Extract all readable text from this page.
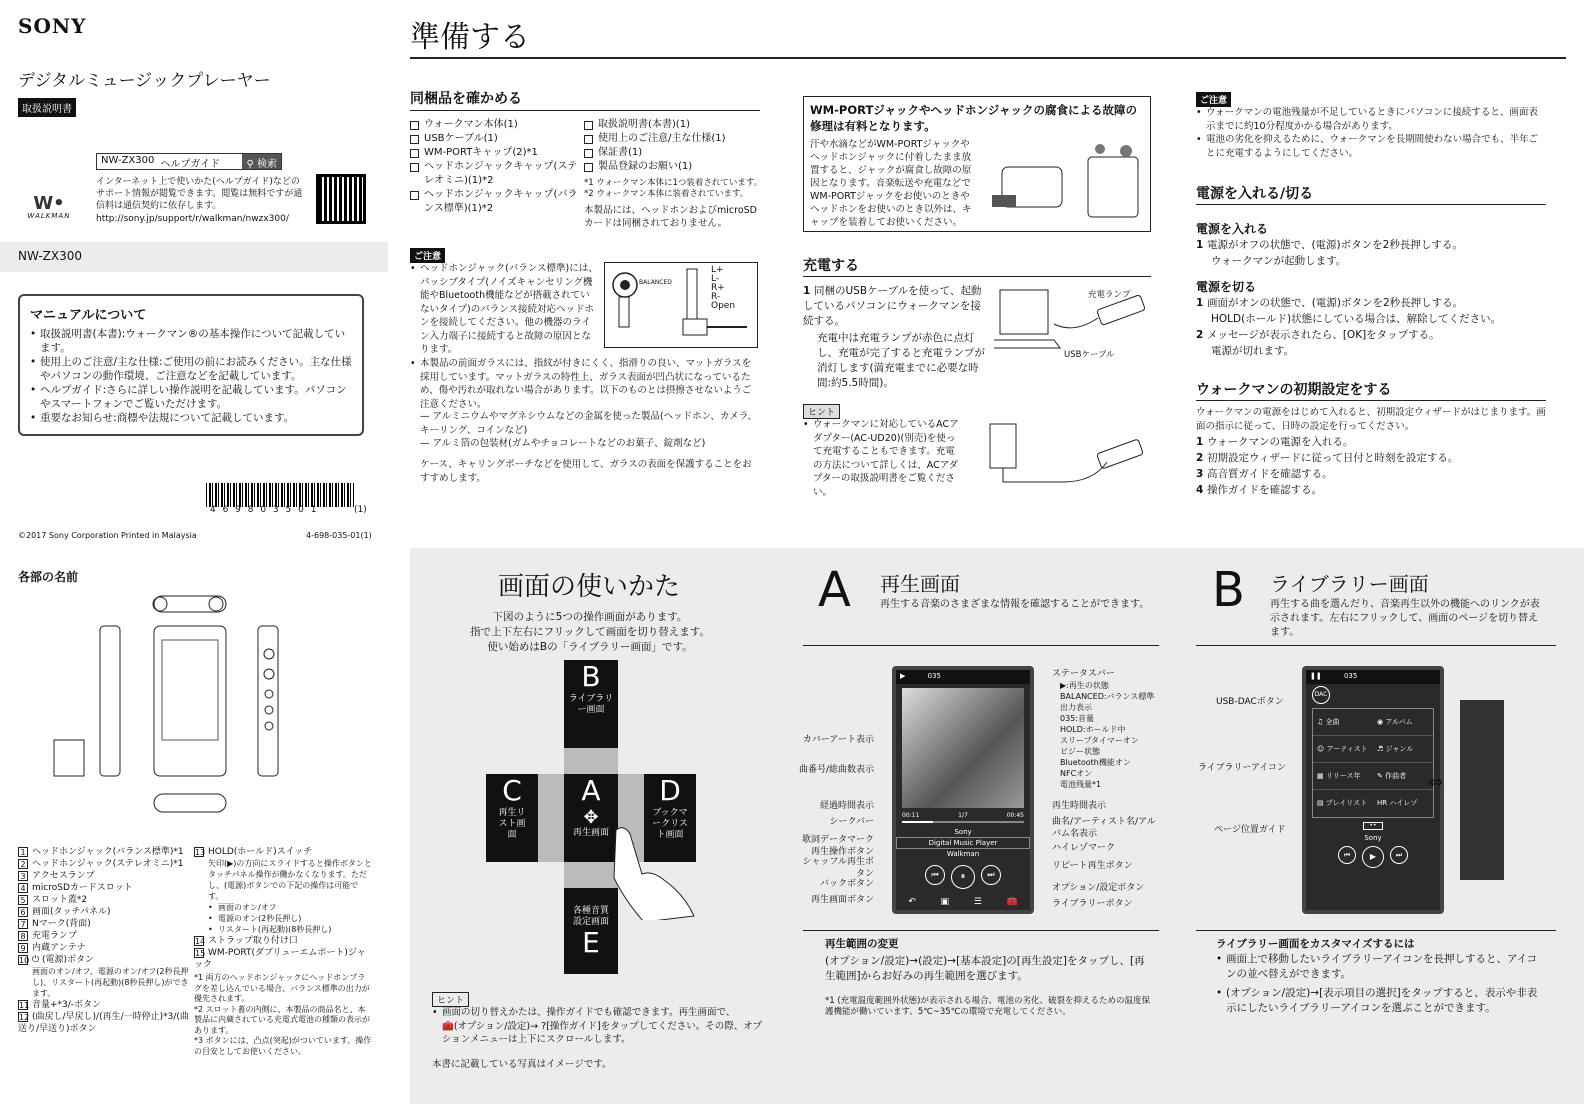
SONY
デジタルミュージックプレーヤー
取扱説明書
NW-ZX300 ヘルプガイド	⚲ 検索
インターネット上で使いかた(ヘルプガイド)などのサポート情報が閲覧できます。閲覧は無料ですが通信料は通信契約に依存します。
http://sony.jp/support/r/walkman/nwzx300/
W•
WALKMAN
NW-ZX300
マニュアルについて
• 取扱説明書(本書):ウォークマン®の基本操作について記載しています。
• 使用上のご注意/主な仕様:ご使用の前にお読みください。主な仕様やパソコンの動作環境、ご注意などを記載しています。
• ヘルプガイド:さらに詳しい操作説明を記載しています。パソコンやスマートフォンでご覧いただけます。
• 重要なお知らせ:商標や法規について記載しています。
4 6 9 8 0 3 5 0 1	(1)
©2017 Sony Corporation Printed in Malaysia	4-698-035-01(1)
各部の名前
1 ヘッドホンジャック(バランス標準)*1
2 ヘッドホンジャック(ステレオミニ)*1
3 アクセスランプ
4 microSDカードスロット
5 スロット蓋*2
6 画面(タッチパネル)
7 Nマーク(背面)
8 充電ランプ
9 内蔵アンテナ
10 ⏻ (電源)ボタン
画面のオン/オフ、電源のオン/オフ(2秒長押し)、リスタート(再起動)(8秒長押し)ができます。
11 音量+*3/-ボタン
12 (曲戻し/早戻し)/(再生/一時停止)*3/(曲送り/早送り)ボタン
13 HOLD(ホールド)スイッチ
矢印(▶)の方向にスライドすると操作ボタンとタッチパネル操作が働かなくなります。ただし、(電源)ボタンでの下記の操作は可能です。
• 画面のオン/オフ
• 電源のオン(2秒長押し)
• リスタート(再起動)(8秒長押し)
14 ストラップ取り付け口
15 WM-PORT(ダブリューエムポート)ジャック
*1 両方のヘッドホンジャックにヘッドホンプラグを差し込んでいる場合、バランス標準の出力が優先されます。
*2 スロット蓋の内側に、本製品の商品名と、本製品に内蔵されている充電式電池の種類の表示があります。
*3 ボタンには、凸点(突起)がついています。操作の目安としてお使いください。
準備する
同梱品を確かめる
ウォークマン本体(1)
USBケーブル(1)
WM-PORTキャップ(2)*1
ヘッドホンジャックキャップ(ステレオミニ)(1)*2
ヘッドホンジャックキャップ(バランス標準)(1)*2
取扱説明書(本書)(1)
使用上のご注意/主な仕様(1)
保証書(1)
製品登録のお願い(1)
*1 ウォークマン本体に1つ装着されています。
*2 ウォークマン本体に装着されています。
本製品には、ヘッドホンおよびmicroSDカードは同梱されておりません。
ご注意
• ヘッドホンジャック(バランス標準)には、パッシブタイプ(ノイズキャンセリング機能やBluetooth機能などが搭載されていないタイプ)のバランス接続対応ヘッドホンを接続してください。他の機器のライン入力端子に接続すると故障の原因となります。
BALANCED
L+
L-
R+
R-
Open
• 本製品の前面ガラスには、指紋が付きにくく、指滑りの良い、マットガラスを採用しています。マットガラスの特性上、ガラス表面が凹凸状になっているため、傷や汚れが取れない場合があります。以下のものとは摂擦させないようご注意ください。
— アルミニウムやマグネシウムなどの金属を使った製品(ヘッドホン、カメラ、キーリング、コインなど)
— アルミ箔の包装材(ガムやチョコレートなどのお菓子、錠剤など)
ケース、キャリングポーチなどを使用して、ガラスの表面を保護することをおすすめします。
WM-PORTジャックやヘッドホンジャックの腐食による故障の修理は有料となります。
汗や水滴などがWM-PORTジャックやヘッドホンジャックに付着したまま放置すると、ジャックが腐食し故障の原因となります。音楽転送や充電などでWM-PORTジャックをお使いのときやヘッドホンをお使いのとき以外は、キャップを装着してお使いください。
充電する
1 同梱のUSBケーブルを使って、起動しているパソコンにウォークマンを接続する。
充電中は充電ランプが赤色に点灯し、充電が完了すると充電ランプが消灯します(満充電までに必要な時間:約5.5時間)。
充電ランプ
USBケーブル
ヒント
• ウォークマンに対応しているACアダプター(AC-UD20)(別売)を使って充電することもできます。充電の方法について詳しくは、ACアダプターの取扱説明書をご覧ください。
ご注意
• ウォークマンの電池残量が不足しているときにパソコンに接続すると、画面表示までに約10分程度かかる場合があります。
• 電池の劣化を抑えるために、ウォークマンを長期間使わない場合でも、半年ごとに充電するようにしてください。
電源を入れる/切る
電源を入れる
1 電源がオフの状態で、(電源)ボタンを2秒長押しする。
ウォークマンが起動します。
電源を切る
1 画面がオンの状態で、(電源)ボタンを2秒長押しする。
HOLD(ホールド)状態にしている場合は、解除してください。
2 メッセージが表示されたら、[OK]をタップする。
電源が切れます。
ウォークマンの初期設定をする
ウォークマンの電源をはじめて入れると、初期設定ウィザードがはじまります。画面の指示に従って、日時の設定を行ってください。
1 ウォークマンの電源を入れる。
2 初期設定ウィザードに従って日付と時刻を設定する。
3 高音質ガイドを確認する。
4 操作ガイドを確認する。
画面の使いかた
下図のように5つの操作画面があります。
指で上下左右にフリックして画面を切り替えます。
使い始めはBの「ライブラリー画面」です。
B
ライブラリー画面
C
再生リスト画面
A
✥
再生画面
D
ブックマークリスト画面
各種音質設定画面
E
ヒント
• 画面の切り替えかたは、操作ガイドでも確認できます。再生画面で、
🧰(オプション/設定)→ ?[操作ガイド]をタップしてください。その際、オプションメニューは上下にスクロールします。
本書に記載している写真はイメージです。
A 再生画面
再生する音楽のさまざまな情報を確認することができます。
▶	035
00:11	1/7	00:45
Sony
Digital Music Player
Walkman
⏮	⏸	⏭
↶	▣	☰	🧰
カバーアート表示
曲番号/総曲数表示
経過時間表示
シークバー
歌詞データマーク
再生操作ボタン
シャッフル再生ボタン
バックボタン
再生画面ボタン
ステータスバー
▶:再生の状態
BALANCED:バランス標準出力表示
035:音量
HOLD:ホールド中
スリープタイマーオン
ビジー状態
Bluetooth機能オン
NFCオン
電池残量*1
再生時間表示
曲名/アーティスト名/アルバム名表示
ハイレゾマーク
リピート再生ボタン
オプション/設定ボタン
ライブラリーボタン
再生範囲の変更
(オプション/設定)→(設定)→[基本設定]の[再生設定]をタップし、[再生範囲]からお好みの再生範囲を選びます。
*1 (充電温度範囲外状態)が表示される場合、電池の劣化、破裂を抑えるための温度保護機能が働いています。5℃~35℃の環境で充電してください。
B ライブラリー画面
再生する曲を選んだり、音楽再生以外の機能へのリンクが表示されます。左右にフリックして、画面のページを切り替えます。
❚❚	035
DAC
♫ 全曲	◉ アルバム
☺ アーティスト	♬ ジャンル
▦ リリース年	✎ 作曲者
▤ プレイリスト	HR ハイレゾ
••
Sony
⏮	▶	⏭
⇔
USB-DACボタン
ライブラリーアイコン
ページ位置ガイド
ライブラリー画面をカスタマイズするには
• 画面上で移動したいライブラリーアイコンを長押しすると、アイコンの並べ替えができます。
• (オプション/設定)→[表示項目の選択]をタップすると、表示や非表示にしたいライブラリーアイコンを選ぶことができます。
